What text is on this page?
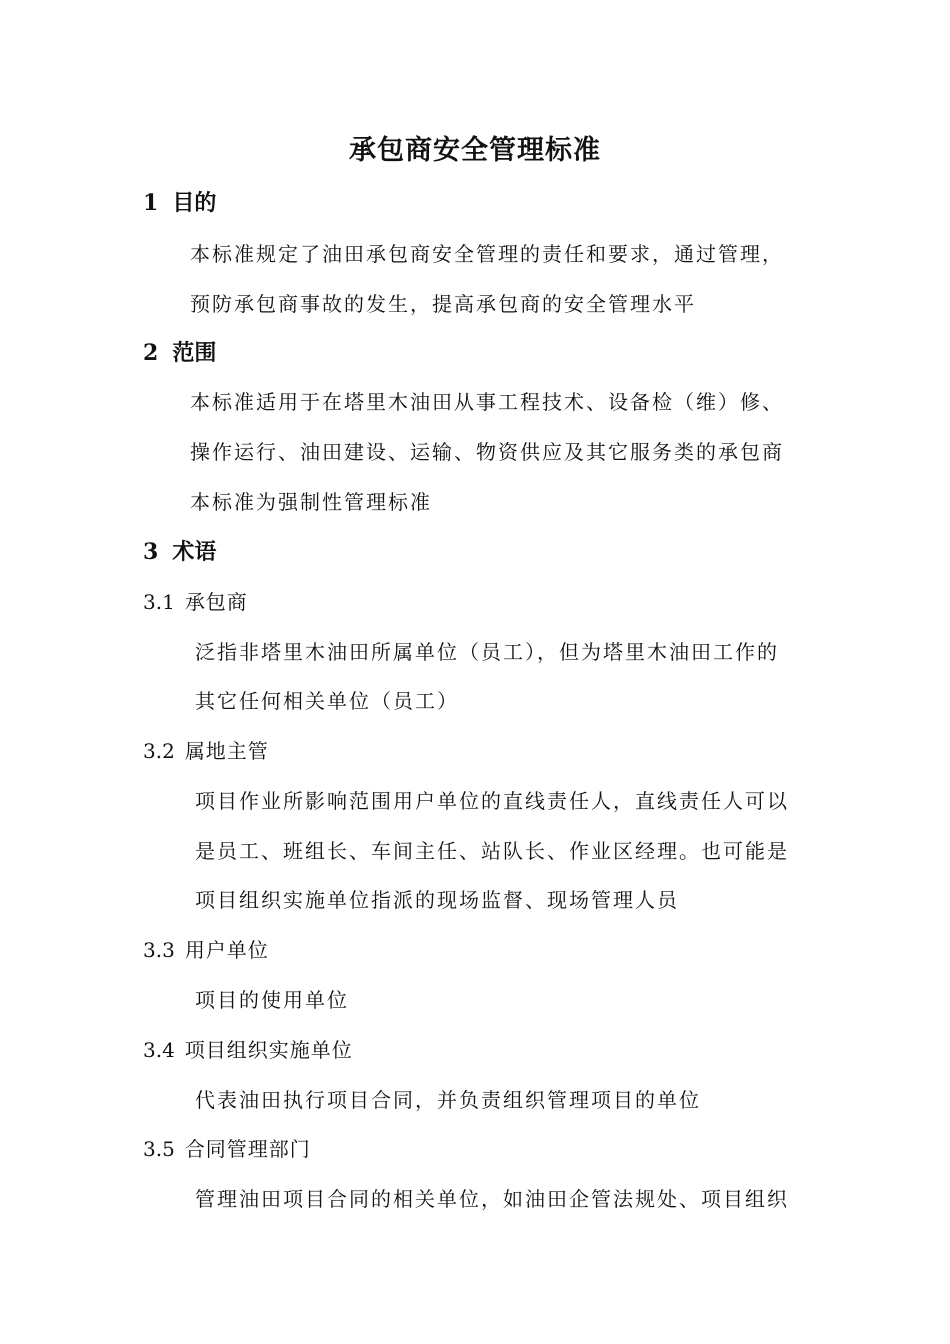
承包商安全管理标准
1 目的
本标准规定了油田承包商安全管理的责任和要求，通过管理，
预防承包商事故的发生，提高承包商的安全管理水平
2 范围
本标准适用于在塔里木油田从事工程技术、设备检（维）修、
操作运行、油田建设、运输、物资供应及其它服务类的承包商
本标准为强制性管理标准
3 术语
3.1 承包商
泛指非塔里木油田所属单位（员工），但为塔里木油田工作的
其它任何相关单位（员工）
3.2 属地主管
项目作业所影响范围用户单位的直线责任人，直线责任人可以
是员工、班组长、车间主任、站队长、作业区经理。也可能是
项目组织实施单位指派的现场监督、现场管理人员
3.3 用户单位
项目的使用单位
3.4 项目组织实施单位
代表油田执行项目合同，并负责组织管理项目的单位
3.5 合同管理部门
管理油田项目合同的相关单位，如油田企管法规处、项目组织
